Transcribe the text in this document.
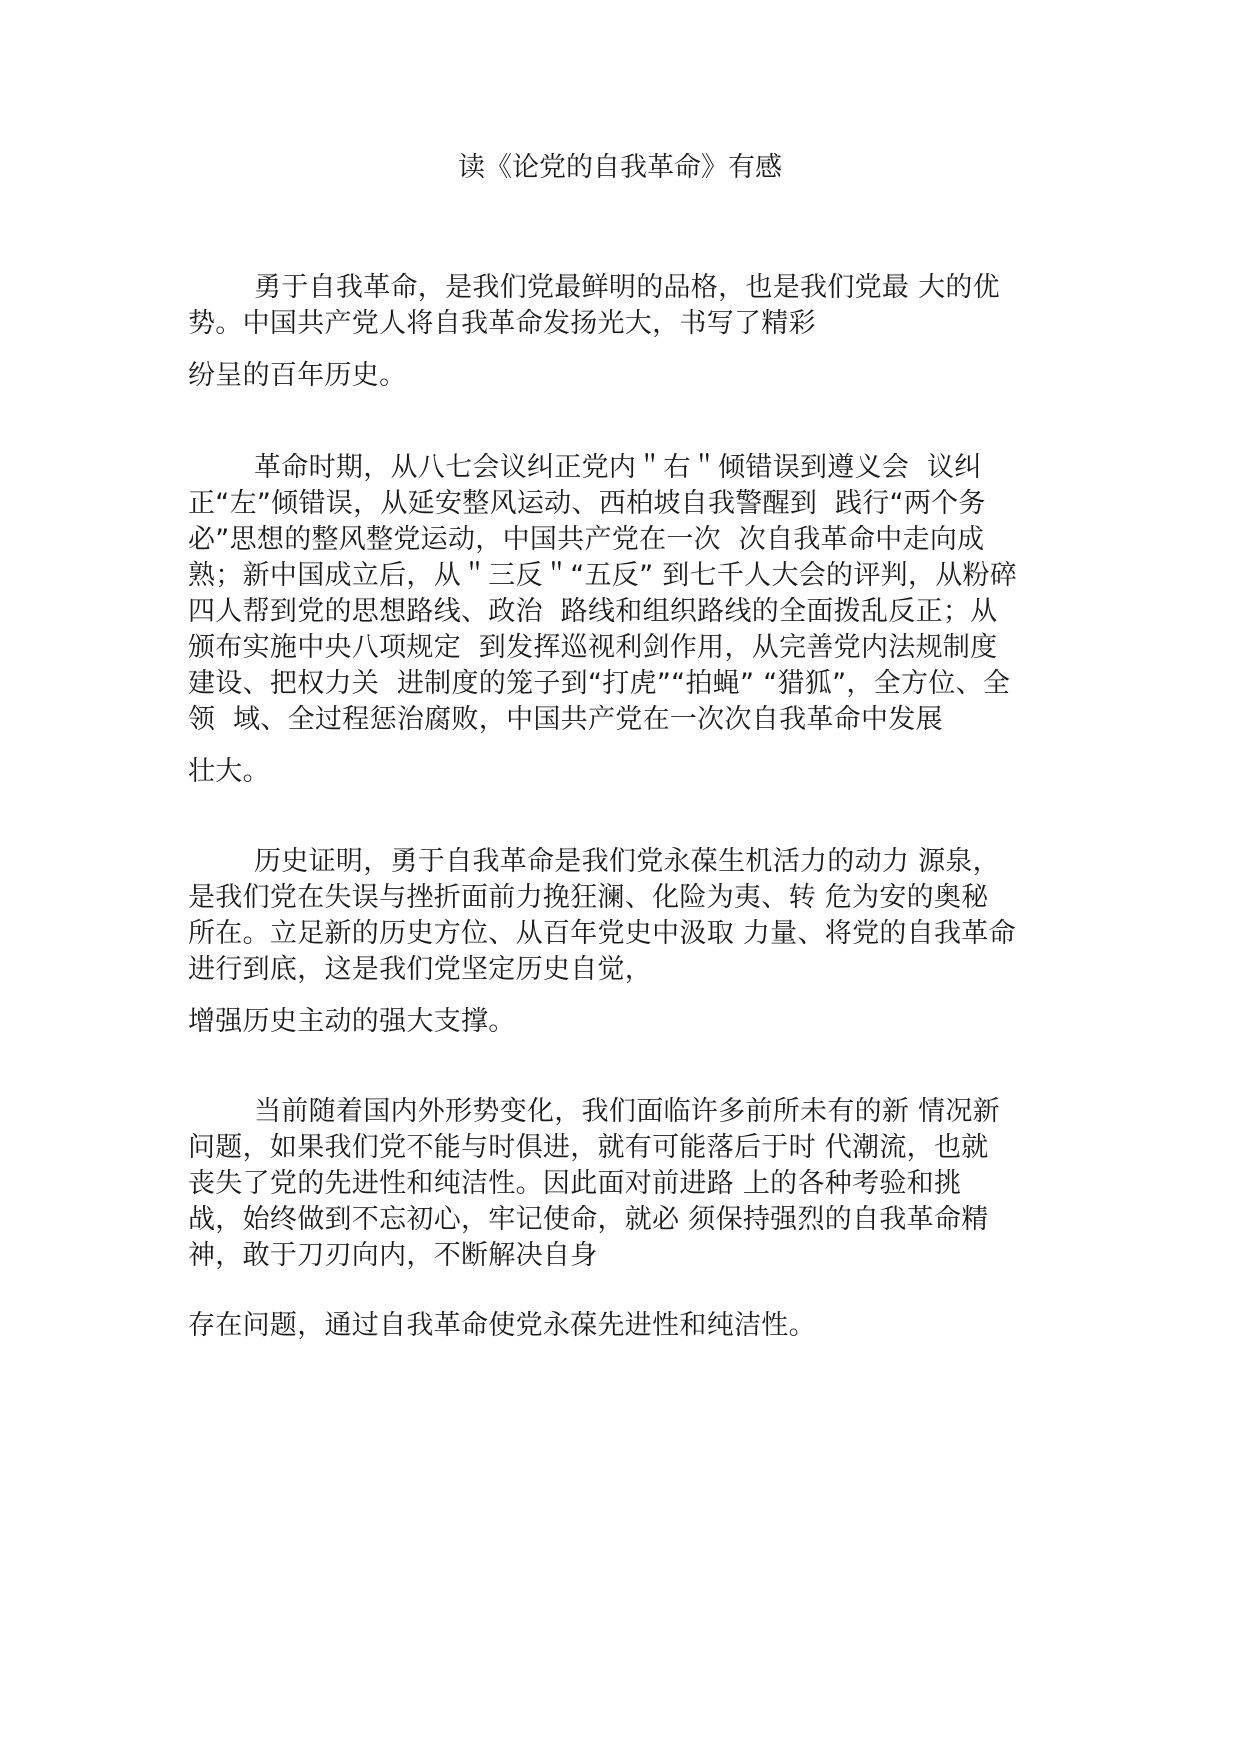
读《论党的自我革命》有感
勇于自我革命，是我们党最鲜明的品格，也是我们党最 大的优
势。中国共产党人将自我革命发扬光大，书写了精彩
纷呈的百年历史。
革命时期，从八七会议纠正党内＂右＂倾错误到遵义会  议纠
正“左”倾错误，从延安整风运动、西柏坡自我警醒到  践行“两个务
必”思想的整风整党运动，中国共产党在一次  次自我革命中走向成
熟；新中国成立后，从＂三反＂“五反” 到七千人大会的评判，从粉碎
四人帮到党的思想路线、政治  路线和组织路线的全面拨乱反正；从
颁布实施中央八项规定  到发挥巡视利剑作用，从完善党内法规制度
建设、把权力关  进制度的笼子到“打虎”“拍蝇” “猎狐”，全方位、全
领  域、全过程惩治腐败，中国共产党在一次次自我革命中发展
壮大。
历史证明，勇于自我革命是我们党永葆生机活力的动力 源泉，
是我们党在失误与挫折面前力挽狂澜、化险为夷、转 危为安的奥秘
所在。立足新的历史方位、从百年党史中汲取 力量、将党的自我革命
进行到底，这是我们党坚定历史自觉，
增强历史主动的强大支撑。
当前随着国内外形势变化，我们面临许多前所未有的新 情况新
问题，如果我们党不能与时俱进，就有可能落后于时 代潮流，也就
丧失了党的先进性和纯洁性。因此面对前进路 上的各种考验和挑
战，始终做到不忘初心，牢记使命，就必 须保持强烈的自我革命精
神，敢于刀刃向内，不断解决自身
存在问题，通过自我革命使党永葆先进性和纯洁性。
